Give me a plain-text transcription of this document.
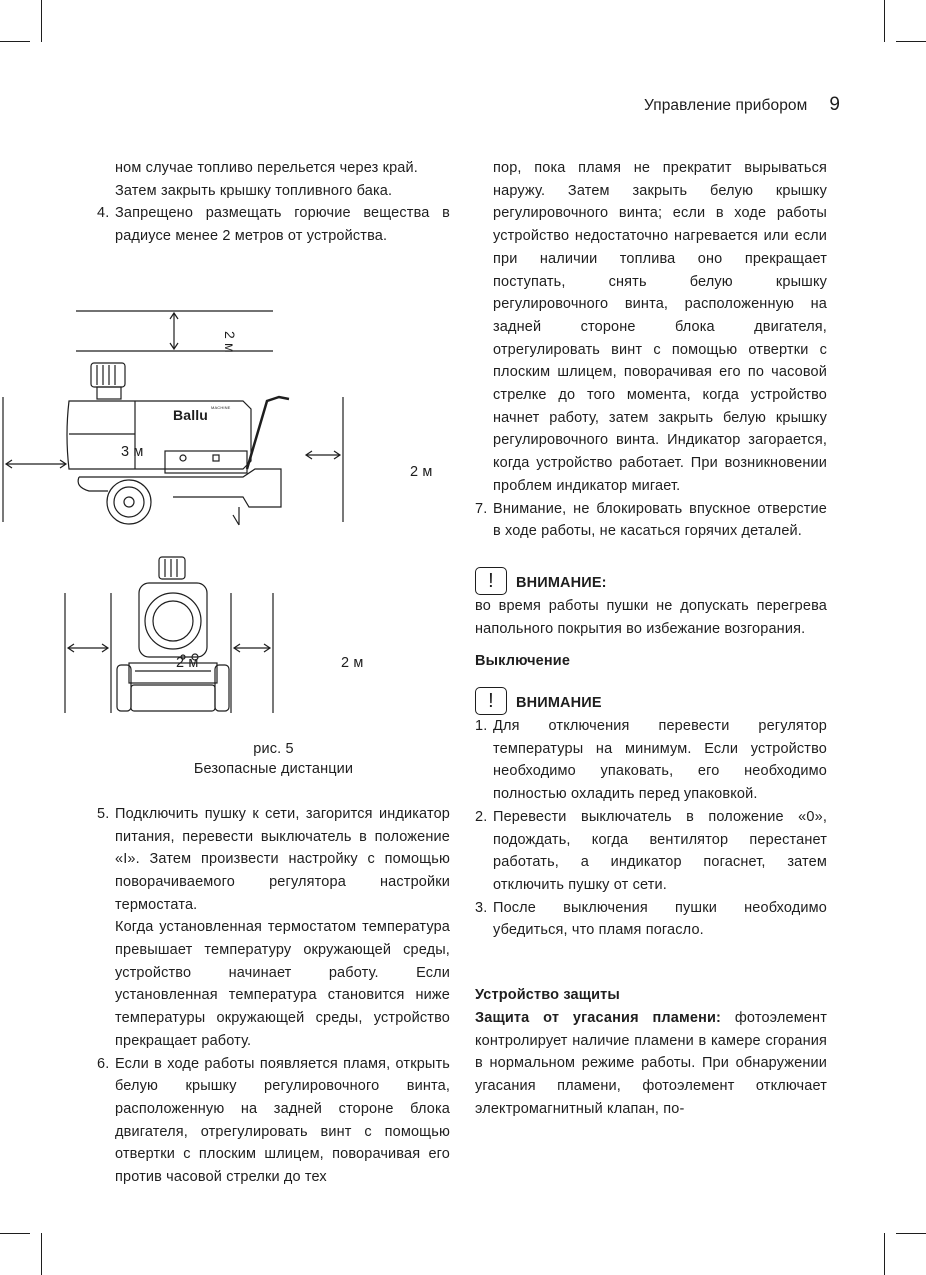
Управление прибором 9

ном случае топливо перельется через край.

Затем закрыть крышку топливного бака.

4. Запрещено размещать горючие вещества в радиусе менее 2 метров от устройства.
Ballu MACHINE
2 м
3 м
2 м
2 м	2 м
рис. 5
Безопасные дистанции
5. Подключить пушку к сети, загорится индикатор питания, перевести выключатель в положение «I». Затем произвести настройку с помощью поворачиваемого регулятора настройки термостата.

Когда установленная термостатом температура превышает температуру окружающей среды, устройство начинает работу. Если установленная температура становится ниже температуры окружающей среды, устройство прекращает работу.

6. Если в ходе работы появляется пламя, открыть белую крышку регулировочного винта, расположенную на задней стороне блока двигателя, отрегулировать винт с помощью отвертки с плоским шлицем, поворачивая его против часовой стрелки до тех

пор, пока пламя не прекратит вырываться наружу. Затем закрыть белую крышку регулировочного винта; если в ходе работы устройство недостаточно нагревается или если при наличии топлива оно прекращает поступать, снять белую крышку регулировочного винта, расположенную на задней стороне блока двигателя, отрегулировать винт с помощью отвертки с плоским шлицем, поворачивая его по часовой стрелке до того момента, когда устройство начнет работу, затем закрыть белую крышку регулировочного винта. Индикатор загорается, когда устройство работает. При возникновении проблем индикатор мигает.

7. Внимание, не блокировать впускное отверстие в ходе работы, не касаться горячих деталей.
!	ВНИМАНИЕ:

во время работы пушки не допускать перегрева напольного покрытия во избежание возгорания.

Выключение

!	ВНИМАНИЕ
1. Для отключения перевести регулятор температуры на минимум. Если устройство необходимо упаковать, его необходимо полностью охладить перед упаковкой.
2. Перевести выключатель в положение «0», подождать, когда вентилятор перестанет работать, а индикатор погаснет, затем отключить пушку от сети.
3. После выключения пушки необходимо убедиться, что пламя погасло.

Устройство защиты

Защита от угасания пламени: фотоэлемент контролирует наличие пламени в камере сгорания в нормальном режиме работы. При обнаружении угасания пламени, фотоэлемент отключает электромагнитный клапан, по-
